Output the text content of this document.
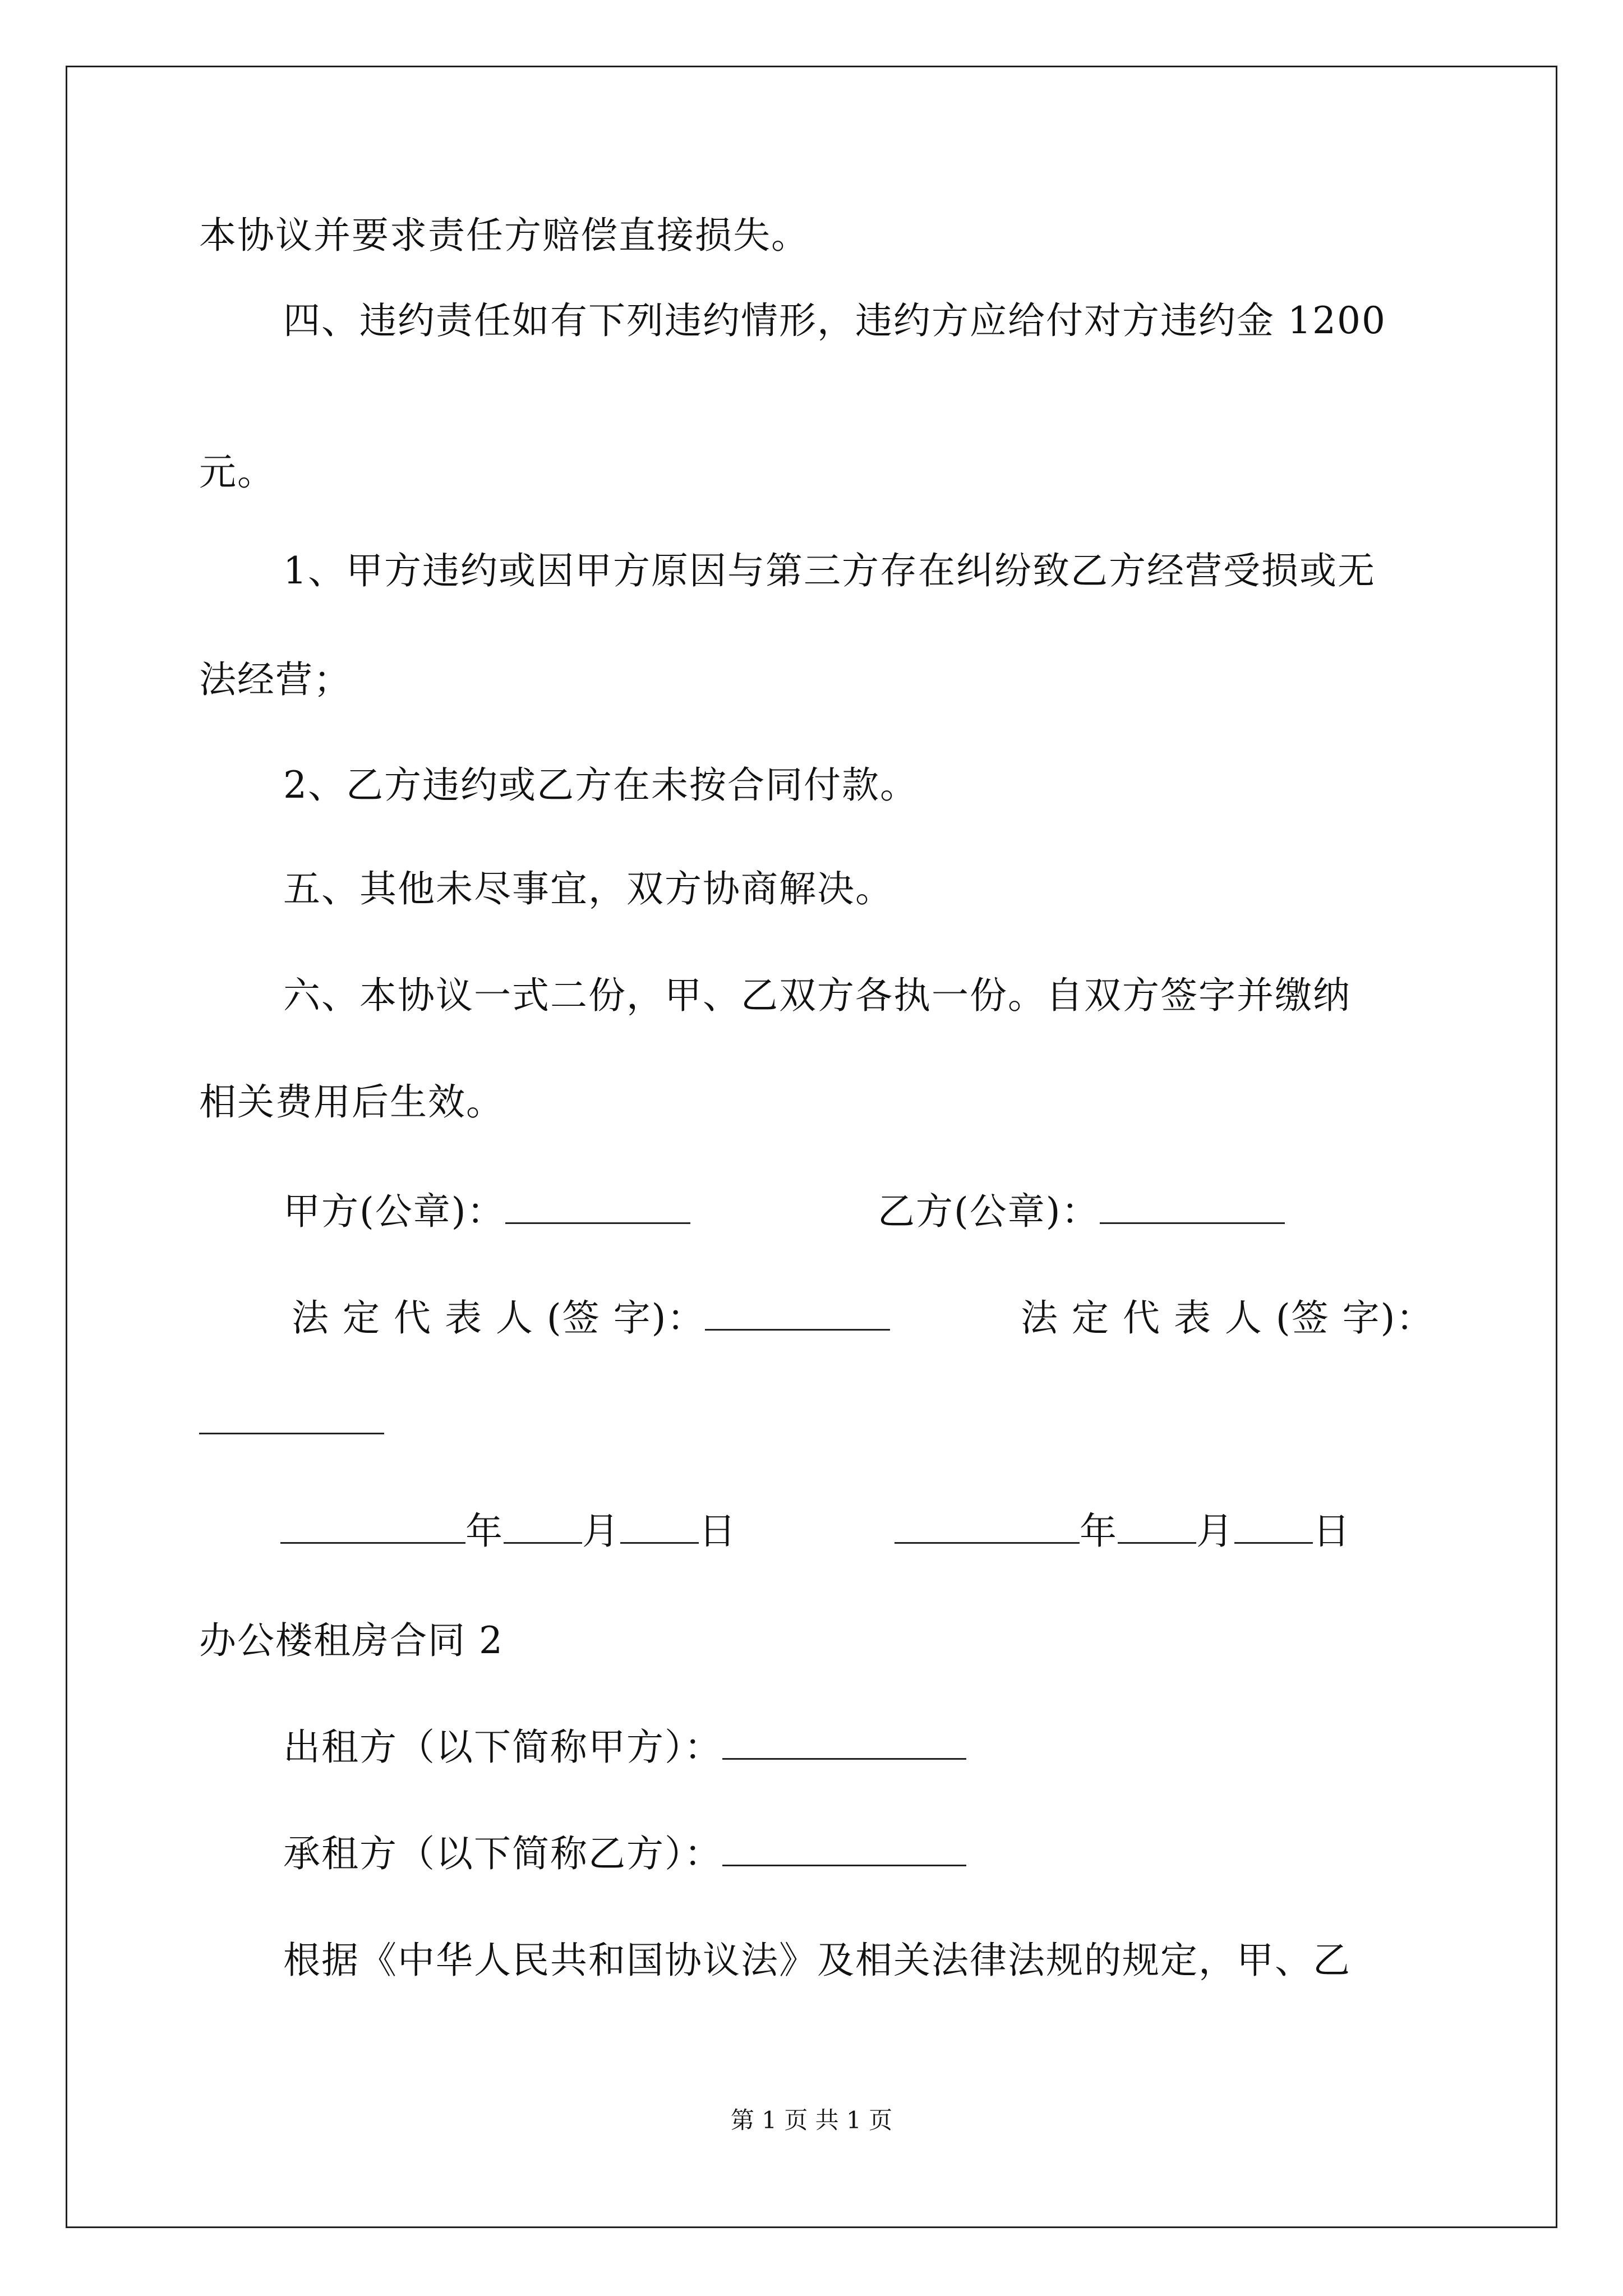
本协议并要求责任方赔偿直接损失。
四、违约责任如有下列违约情形，违约方应给付对方违约金 1200
元。
1、甲方违约或因甲方原因与第三方存在纠纷致乙方经营受损或无
法经营；
2、乙方违约或乙方在未按合同付款。
五、其他未尽事宜，双方协商解决。
六、本协议一式二份，甲、乙双方各执一份。自双方签字并缴纳
相关费用后生效。
甲方(公章)：	乙方(公章)：
法 定 代 表 人 (签 字)：	法 定 代 表 人 (签 字)：
年 月 日	年 月 日
办公楼租房合同 2
出租方（以下简称甲方）：
承租方（以下简称乙方）：
根据《中华人民共和国协议法》及相关法律法规的规定，甲、乙
第 1 页 共 1 页
